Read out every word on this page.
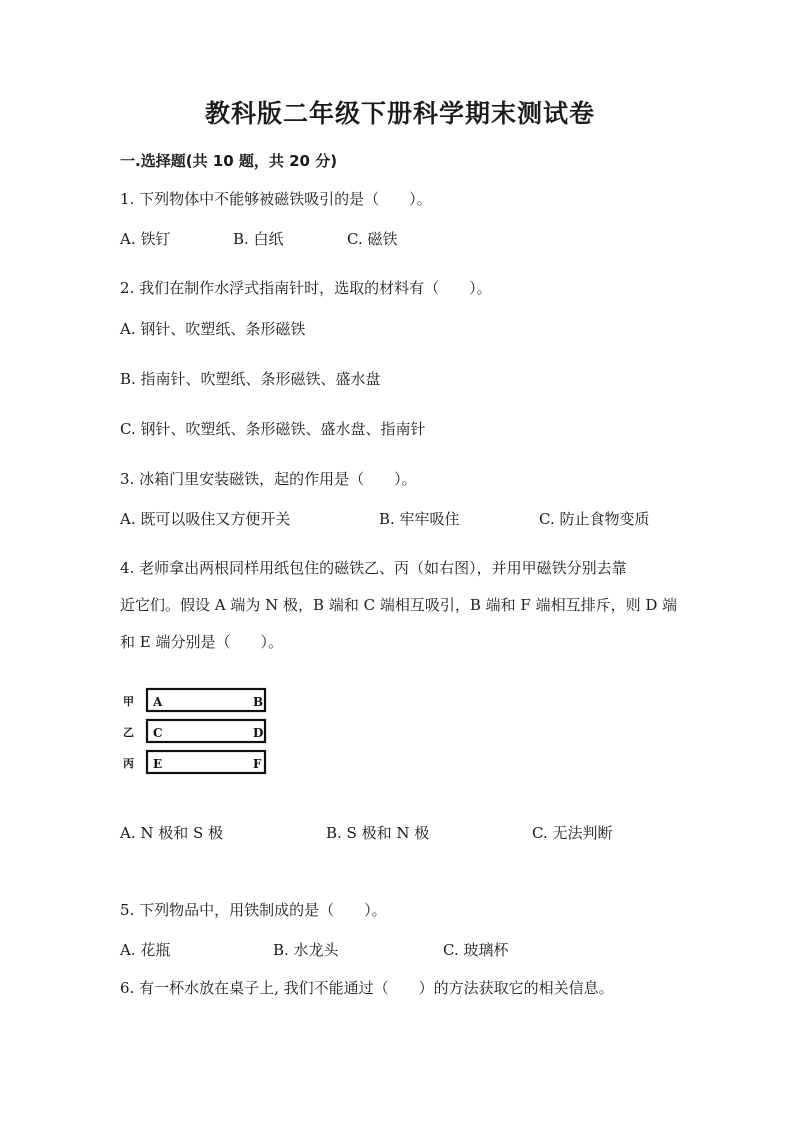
教科版二年级下册科学期末测试卷
一.选择题(共 10 题，共 20 分)
1. 下列物体中不能够被磁铁吸引的是（　　）。
A. 铁钉	B. 白纸	C. 磁铁
2. 我们在制作水浮式指南针时，选取的材料有（　　）。
A. 钢针、吹塑纸、条形磁铁
B. 指南针、吹塑纸、条形磁铁、盛水盘
C. 钢针、吹塑纸、条形磁铁、盛水盘、指南针
3. 冰箱门里安装磁铁，起的作用是（　　）。
A. 既可以吸住又方便开关	B. 牢牢吸住	C. 防止食物变质
4. 老师拿出两根同样用纸包住的磁铁乙、丙（如右图），并用甲磁铁分别去靠
近它们。假设 A 端为 N 极，B 端和 C 端相互吸引，B 端和 F 端相互排斥，则 D 端
和 E 端分别是（　　）。
甲 A	B
乙 C	D
丙 E	F
A. N 极和 S 极	B. S 极和 N 极	C. 无法判断
5. 下列物品中，用铁制成的是（　　）。
A. 花瓶	B. 水龙头	C. 玻璃杯
6. 有一杯水放在桌子上, 我们不能通过（　　）的方法获取它的相关信息。
